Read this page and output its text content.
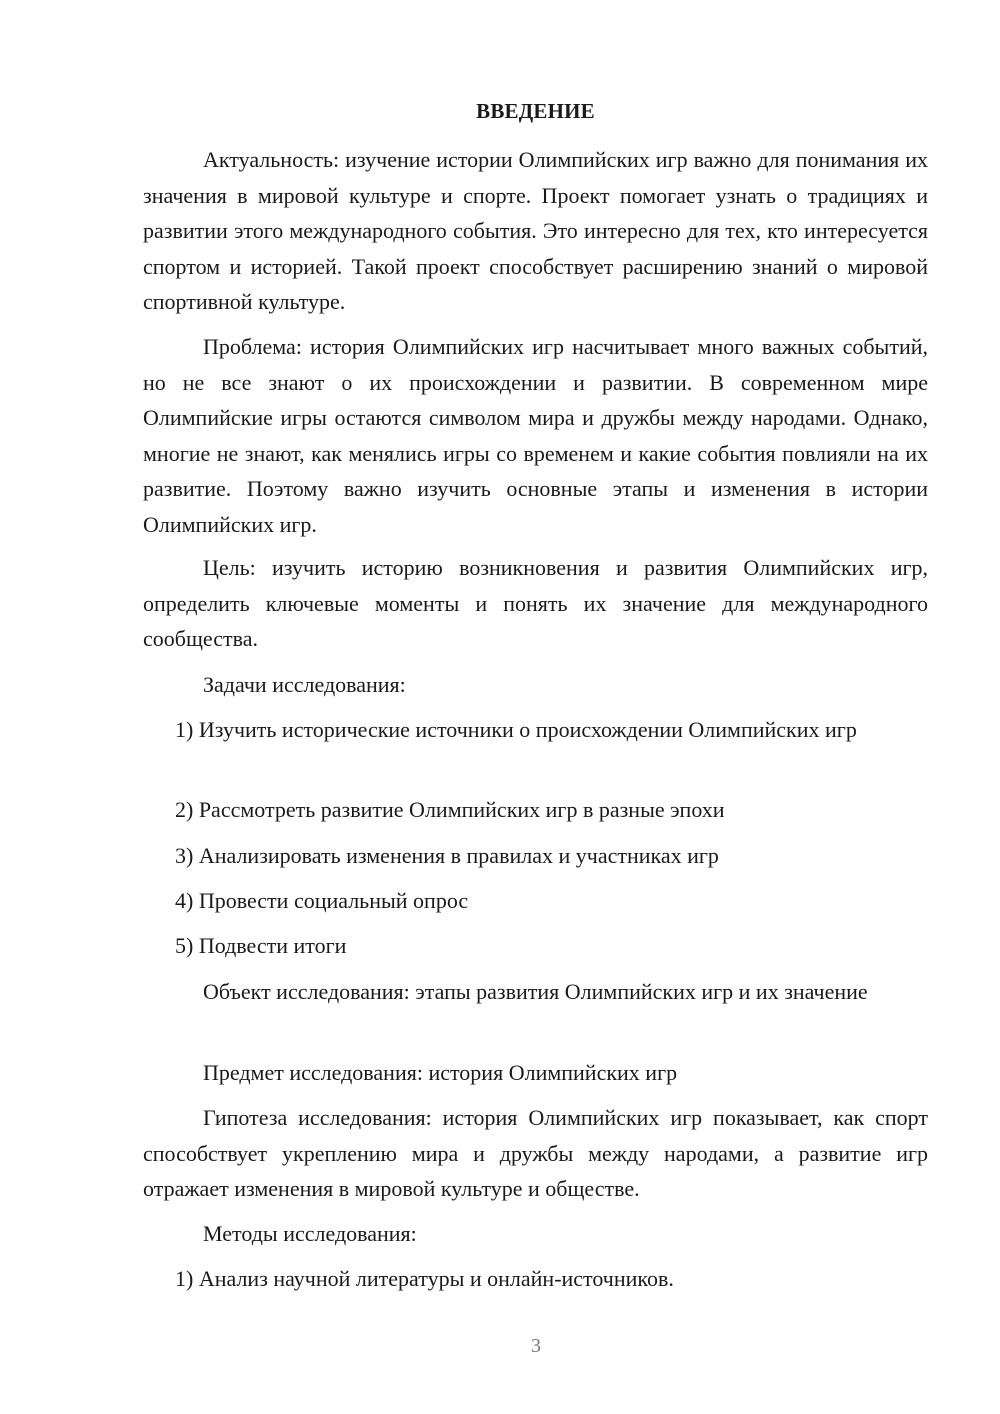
ВВЕДЕНИЕ

Актуальность: изучение истории Олимпийских игр важно для понимания их значения в мировой культуре и спорте. Проект помогает узнать о традициях и развитии этого международного события. Это интересно для тех, кто интересуется спортом и историей. Такой проект способствует расширению знаний о мировой спортивной культуре.

Проблема: история Олимпийских игр насчитывает много важных событий, но не все знают о их происхождении и развитии. В современном мире Олимпийские игры остаются символом мира и дружбы между народами. Однако, многие не знают, как менялись игры со временем и какие события повлияли на их развитие. Поэтому важно изучить основные этапы и изменения в истории Олимпийских игр.

Цель: изучить историю возникновения и развития Олимпийских игр, определить ключевые моменты и понять их значение для международного сообщества.

Задачи исследования:

1) Изучить исторические источники о происхождении Олимпийских игр

2) Рассмотреть развитие Олимпийских игр в разные эпохи

3) Анализировать изменения в правилах и участниках игр

4) Провести социальный опрос

5) Подвести итоги

Объект исследования: этапы развития Олимпийских игр и их значение

Предмет исследования: история Олимпийских игр

Гипотеза исследования: история Олимпийских игр показывает, как спорт способствует укреплению мира и дружбы между народами, а развитие игр отражает изменения в мировой культуре и обществе.

Методы исследования:

1) Анализ научной литературы и онлайн-источников.

3
